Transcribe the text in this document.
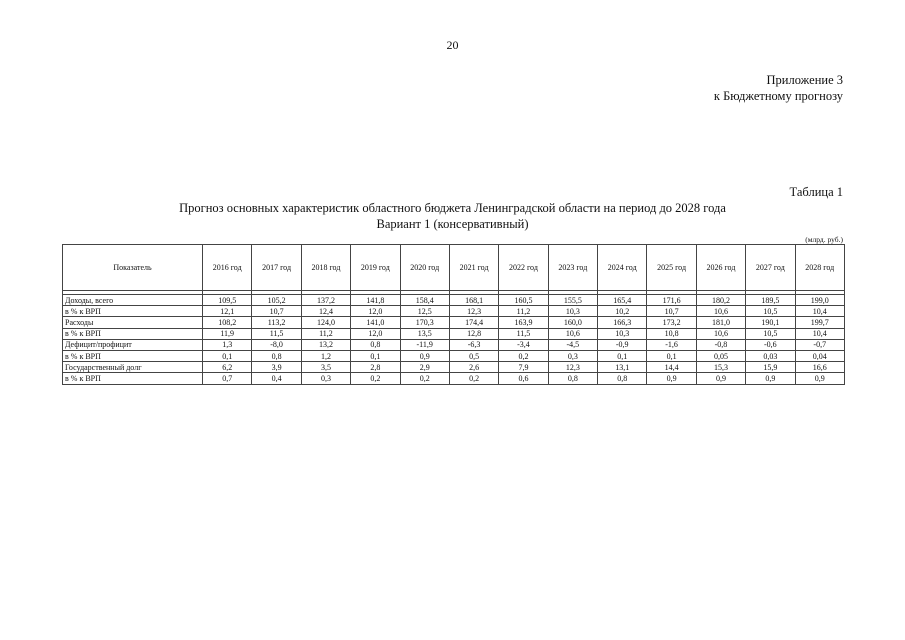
20
Приложение 3
к Бюджетному прогнозу
Таблица 1
Прогноз основных характеристик областного бюджета Ленинградской области на период до 2028 года
Вариант 1 (консервативный)
(млрд. руб.)
Показатель	2016 год	2017 год	2018 год	2019 год	2020 год	2021 год	2022 год	2023 год	2024 год	2025 год	2026 год	2027 год	2028 год

Доходы, всего	109,5	105,2	137,2	141,8	158,4	168,1	160,5	155,5	165,4	171,6	180,2	189,5	199,0
в % к ВРП	12,1	10,7	12,4	12,0	12,5	12,3	11,2	10,3	10,2	10,7	10,6	10,5	10,4
Расходы	108,2	113,2	124,0	141,0	170,3	174,4	163,9	160,0	166,3	173,2	181,0	190,1	199,7
в % к ВРП	11,9	11,5	11,2	12,0	13,5	12,8	11,5	10,6	10,3	10,8	10,6	10,5	10,4
Дефицит/профицит	1,3	-8,0	13,2	0,8	-11,9	-6,3	-3,4	-4,5	-0,9	-1,6	-0,8	-0,6	-0,7
в % к ВРП	0,1	0,8	1,2	0,1	0,9	0,5	0,2	0,3	0,1	0,1	0,05	0,03	0,04
Государственный долг	6,2	3,9	3,5	2,8	2,9	2,6	7,9	12,3	13,1	14,4	15,3	15,9	16,6
в % к ВРП	0,7	0,4	0,3	0,2	0,2	0,2	0,6	0,8	0,8	0,9	0,9	0,9	0,9
